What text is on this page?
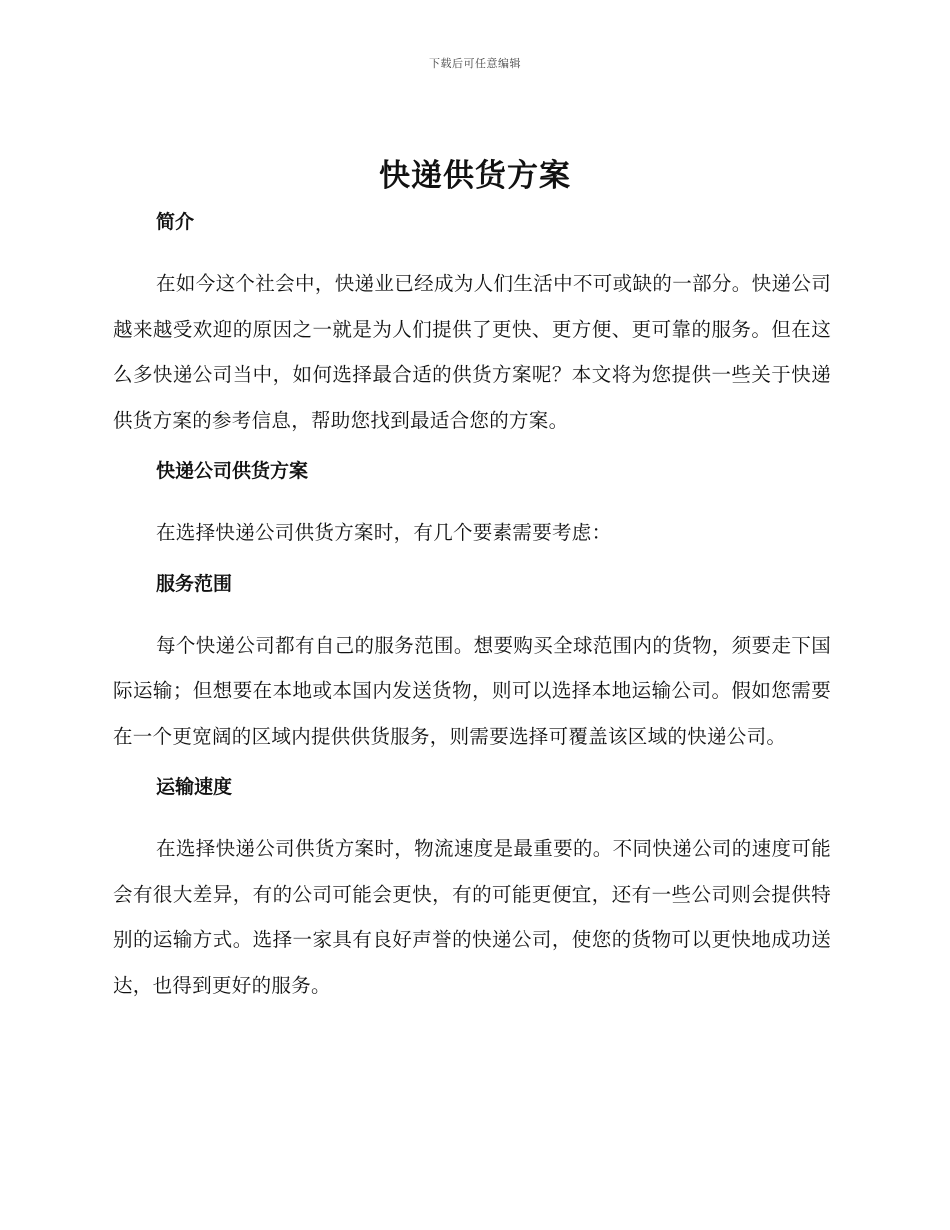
下载后可任意编辑
快递供货方案
简介

在如今这个社会中，快递业已经成为人们生活中不可或缺的一部分。快递公司越来越受欢迎的原因之一就是为人们提供了更快、更方便、更可靠的服务。但在这么多快递公司当中，如何选择最合适的供货方案呢？本文将为您提供一些关于快递供货方案的参考信息，帮助您找到最适合您的方案。

快递公司供货方案

在选择快递公司供货方案时，有几个要素需要考虑：

服务范围

每个快递公司都有自己的服务范围。想要购买全球范围内的货物，须要走下国际运输；但想要在本地或本国内发送货物，则可以选择本地运输公司。假如您需要在一个更宽阔的区域内提供供货服务，则需要选择可覆盖该区域的快递公司。

运输速度

在选择快递公司供货方案时，物流速度是最重要的。不同快递公司的速度可能会有很大差异，有的公司可能会更快，有的可能更便宜，还有一些公司则会提供特别的运输方式。选择一家具有良好声誉的快递公司，使您的货物可以更快地成功送达，也得到更好的服务。
